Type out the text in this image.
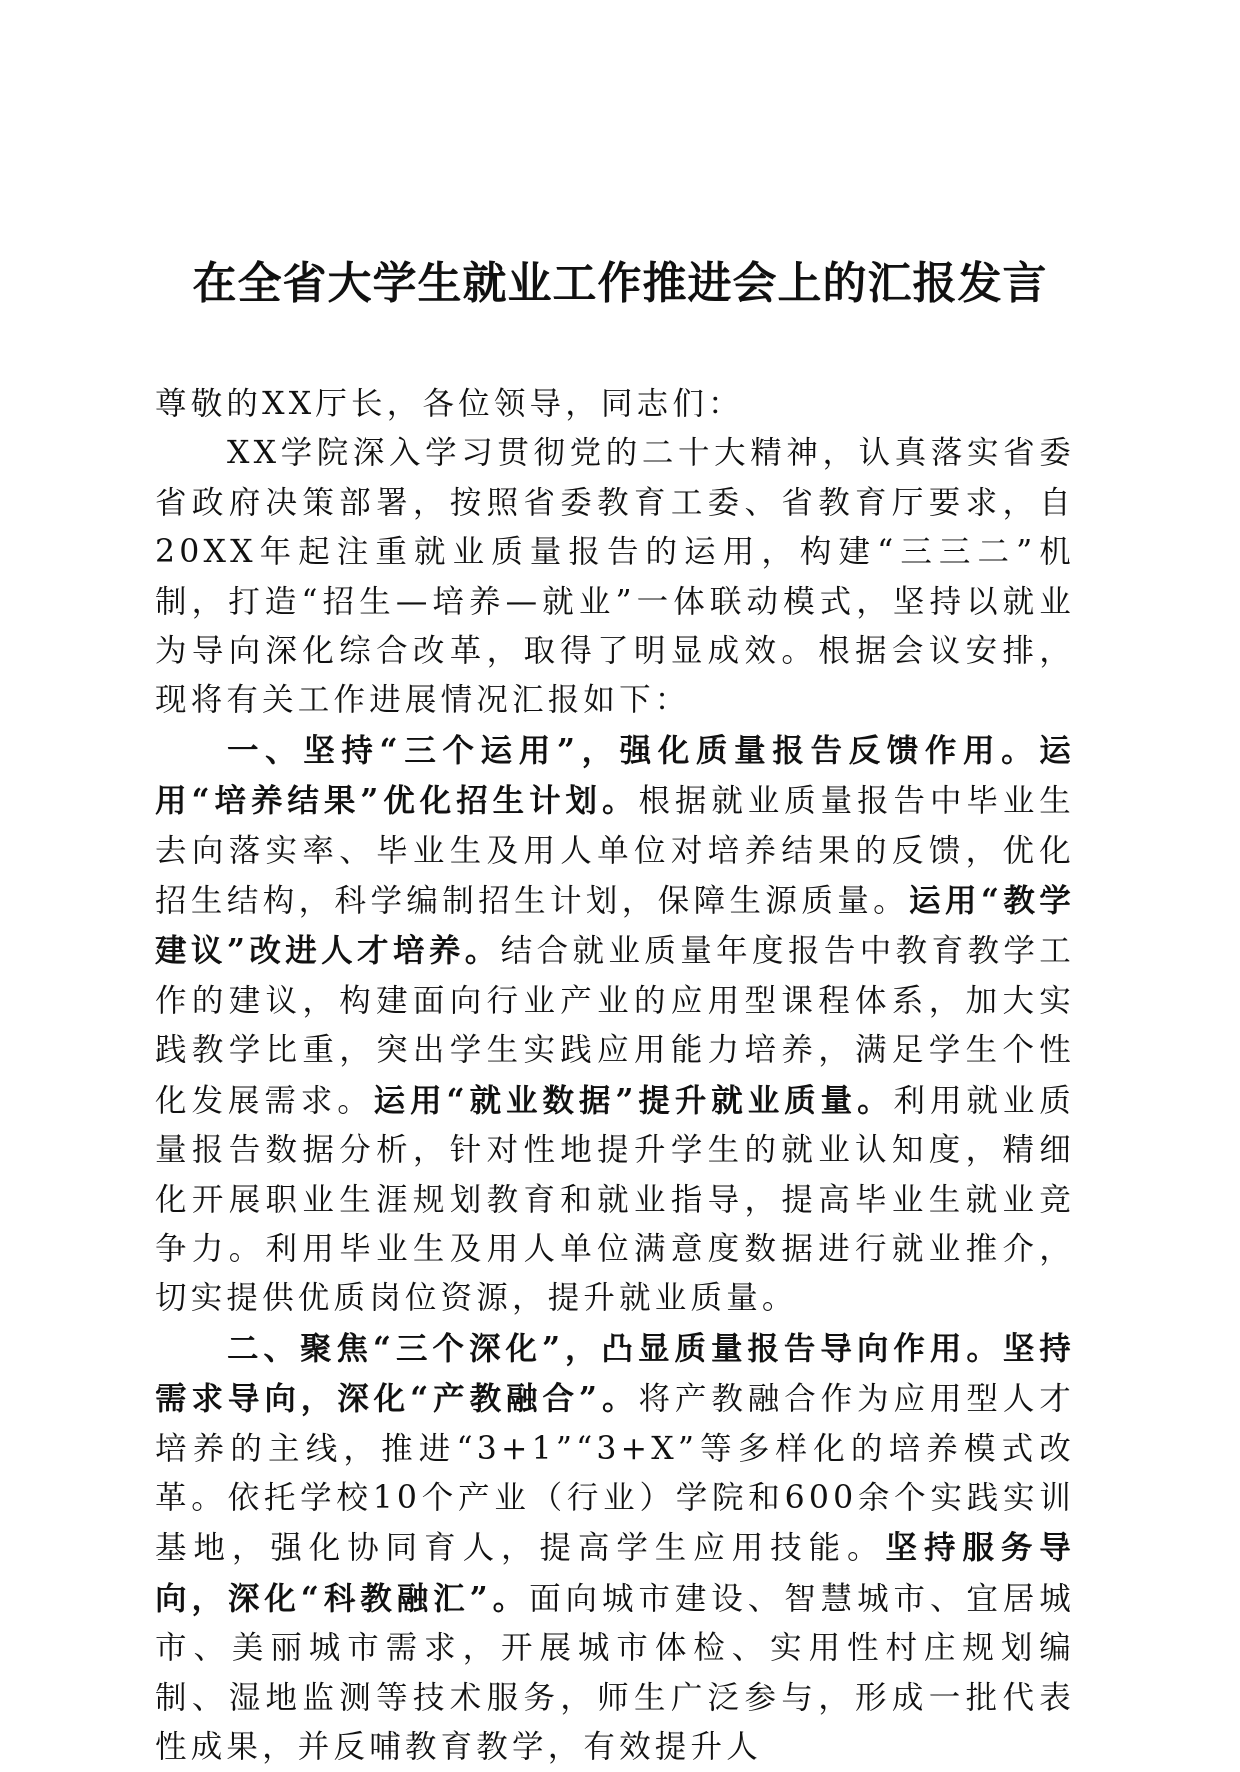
在全省大学生就业工作推进会上的汇报发言

尊敬的XX厅长，各位领导，同志们：

XX学院深入学习贯彻党的二十大精神，认真落实省委省政府决策部署，按照省委教育工委、省教育厅要求，自20XX年起注重就业质量报告的运用，构建“三三二”机制，打造“招生—培养—就业”一体联动模式，坚持以就业为导向深化综合改革，取得了明显成效。根据会议安排，现将有关工作进展情况汇报如下：

一、坚持“三个运用”，强化质量报告反馈作用。运用“培养结果”优化招生计划。根据就业质量报告中毕业生去向落实率、毕业生及用人单位对培养结果的反馈，优化招生结构，科学编制招生计划，保障生源质量。运用“教学建议”改进人才培养。结合就业质量年度报告中教育教学工作的建议，构建面向行业产业的应用型课程体系，加大实践教学比重，突出学生实践应用能力培养，满足学生个性化发展需求。运用“就业数据”提升就业质量。利用就业质量报告数据分析，针对性地提升学生的就业认知度，精细化开展职业生涯规划教育和就业指导，提高毕业生就业竞争力。利用毕业生及用人单位满意度数据进行就业推介，切实提供优质岗位资源，提升就业质量。

二、聚焦“三个深化”，凸显质量报告导向作用。坚持需求导向，深化“产教融合”。将产教融合作为应用型人才培养的主线，推进“3+1”“3+X”等多样化的培养模式改革。依托学校10个产业（行业）学院和600余个实践实训基地，强化协同育人，提高学生应用技能。坚持服务导向，深化“科教融汇”。面向城市建设、智慧城市、宜居城市、美丽城市需求，开展城市体检、实用性村庄规划编制、湿地监测等技术服务，师生广泛参与，形成一批代表性成果，并反哺教育教学，有效提升人
